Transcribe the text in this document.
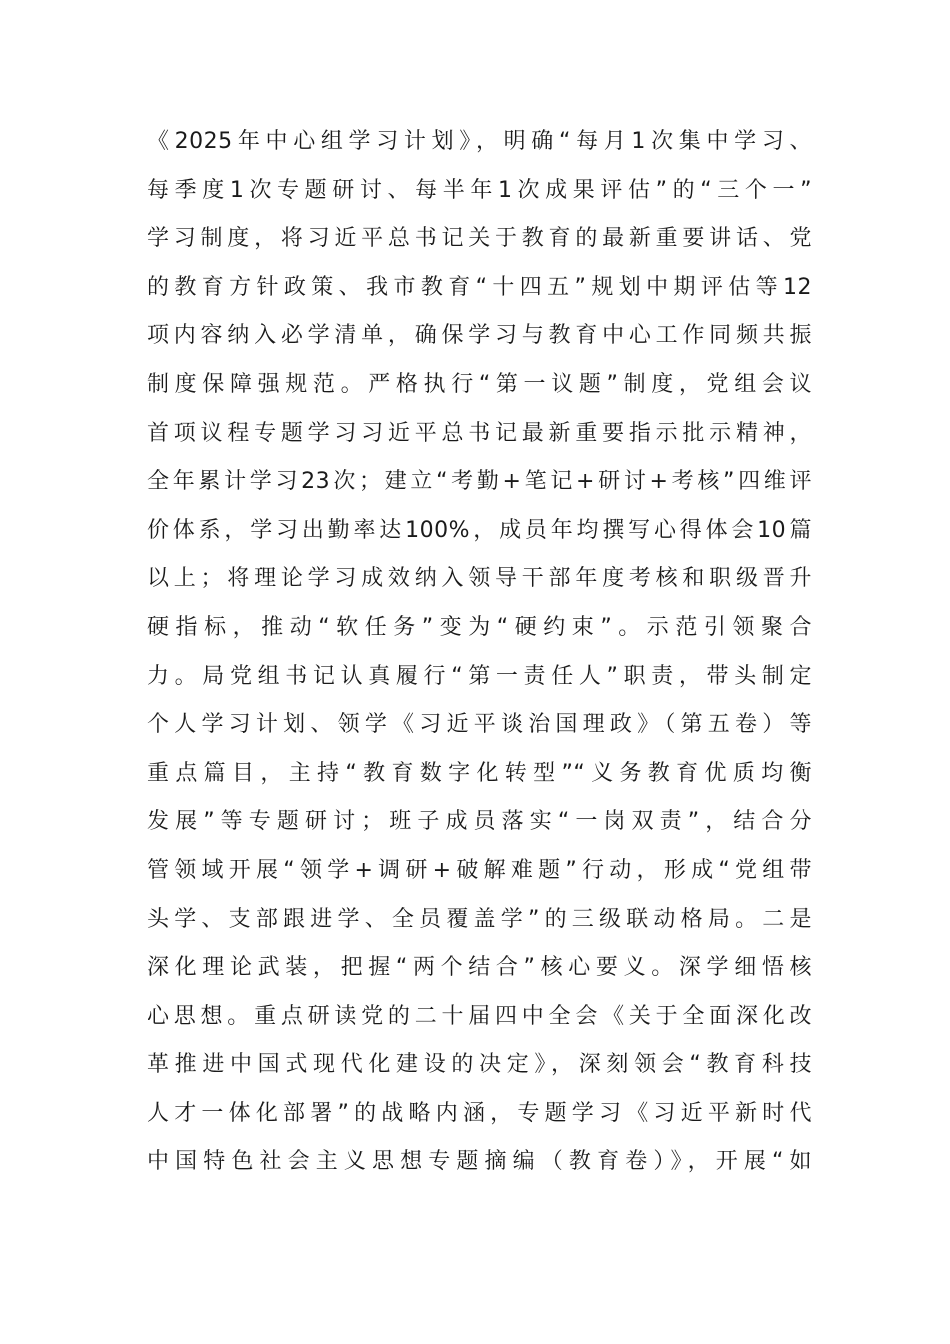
《2025年中心组学习计划》，明确“每月1次集中学习、
每季度1次专题研讨、每半年1次成果评估”的“三个一”
学习制度，将习近平总书记关于教育的最新重要讲话、党
的教育方针政策、我市教育“十四五”规划中期评估等12
项内容纳入必学清单，确保学习与教育中心工作同频共振
制度保障强规范。严格执行“第一议题”制度，党组会议
首项议程专题学习习近平总书记最新重要指示批示精神，
全年累计学习23次；建立“考勤+笔记+研讨+考核”四维评
价体系，学习出勤率达100%，成员年均撰写心得体会10篇
以上；将理论学习成效纳入领导干部年度考核和职级晋升
硬指标，推动“软任务”变为“硬约束”。示范引领聚合
力。局党组书记认真履行“第一责任人”职责，带头制定
个人学习计划、领学《习近平谈治国理政》（第五卷）等
重点篇目，主持“教育数字化转型”“义务教育优质均衡
发展”等专题研讨；班子成员落实“一岗双责”，结合分
管领域开展“领学+调研+破解难题”行动，形成“党组带
头学、支部跟进学、全员覆盖学”的三级联动格局。二是
深化理论武装，把握“两个结合”核心要义。深学细悟核
心思想。重点研读党的二十届四中全会《关于全面深化改
革推进中国式现代化建设的决定》，深刻领会“教育科技
人才一体化部署”的战略内涵，专题学习《习近平新时代
中国特色社会主义思想专题摘编（教育卷）》，开展“如
